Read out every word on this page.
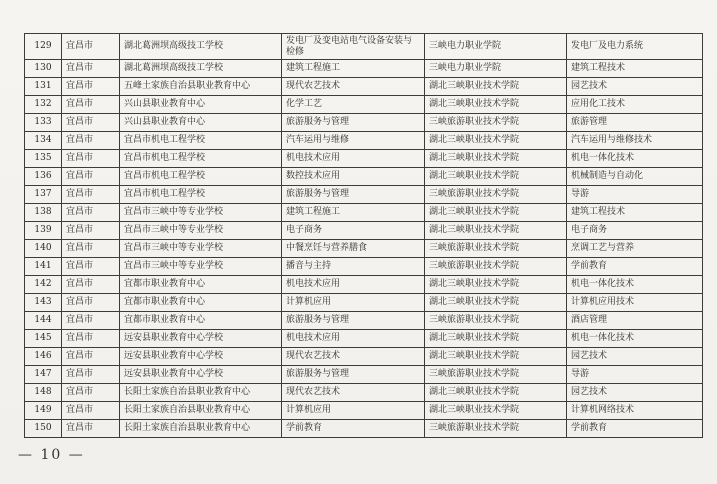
129	宜昌市	湖北葛洲坝高级技工学校	发电厂及变电站电气设备安装与检修	三峡电力职业学院	发电厂及电力系统
130	宜昌市	湖北葛洲坝高级技工学校	建筑工程施工	三峡电力职业学院	建筑工程技术
131	宜昌市	五峰土家族自治县职业教育中心	现代农艺技术	湖北三峡职业技术学院	园艺技术
132	宜昌市	兴山县职业教育中心	化学工艺	湖北三峡职业技术学院	应用化工技术
133	宜昌市	兴山县职业教育中心	旅游服务与管理	三峡旅游职业技术学院	旅游管理
134	宜昌市	宜昌市机电工程学校	汽车运用与维修	湖北三峡职业技术学院	汽车运用与维修技术
135	宜昌市	宜昌市机电工程学校	机电技术应用	湖北三峡职业技术学院	机电一体化技术
136	宜昌市	宜昌市机电工程学校	数控技术应用	湖北三峡职业技术学院	机械制造与自动化
137	宜昌市	宜昌市机电工程学校	旅游服务与管理	三峡旅游职业技术学院	导游
138	宜昌市	宜昌市三峡中等专业学校	建筑工程施工	湖北三峡职业技术学院	建筑工程技术
139	宜昌市	宜昌市三峡中等专业学校	电子商务	湖北三峡职业技术学院	电子商务
140	宜昌市	宜昌市三峡中等专业学校	中餐烹饪与营养膳食	三峡旅游职业技术学院	烹调工艺与营养
141	宜昌市	宜昌市三峡中等专业学校	播音与主持	三峡旅游职业技术学院	学前教育
142	宜昌市	宜都市职业教育中心	机电技术应用	湖北三峡职业技术学院	机电一体化技术
143	宜昌市	宜都市职业教育中心	计算机应用	湖北三峡职业技术学院	计算机应用技术
144	宜昌市	宜都市职业教育中心	旅游服务与管理	三峡旅游职业技术学院	酒店管理
145	宜昌市	远安县职业教育中心学校	机电技术应用	湖北三峡职业技术学院	机电一体化技术
146	宜昌市	远安县职业教育中心学校	现代农艺技术	湖北三峡职业技术学院	园艺技术
147	宜昌市	远安县职业教育中心学校	旅游服务与管理	三峡旅游职业技术学院	导游
148	宜昌市	长阳土家族自治县职业教育中心	现代农艺技术	湖北三峡职业技术学院	园艺技术
149	宜昌市	长阳土家族自治县职业教育中心	计算机应用	湖北三峡职业技术学院	计算机网络技术
150	宜昌市	长阳土家族自治县职业教育中心	学前教育	三峡旅游职业技术学院	学前教育
— 10 —
